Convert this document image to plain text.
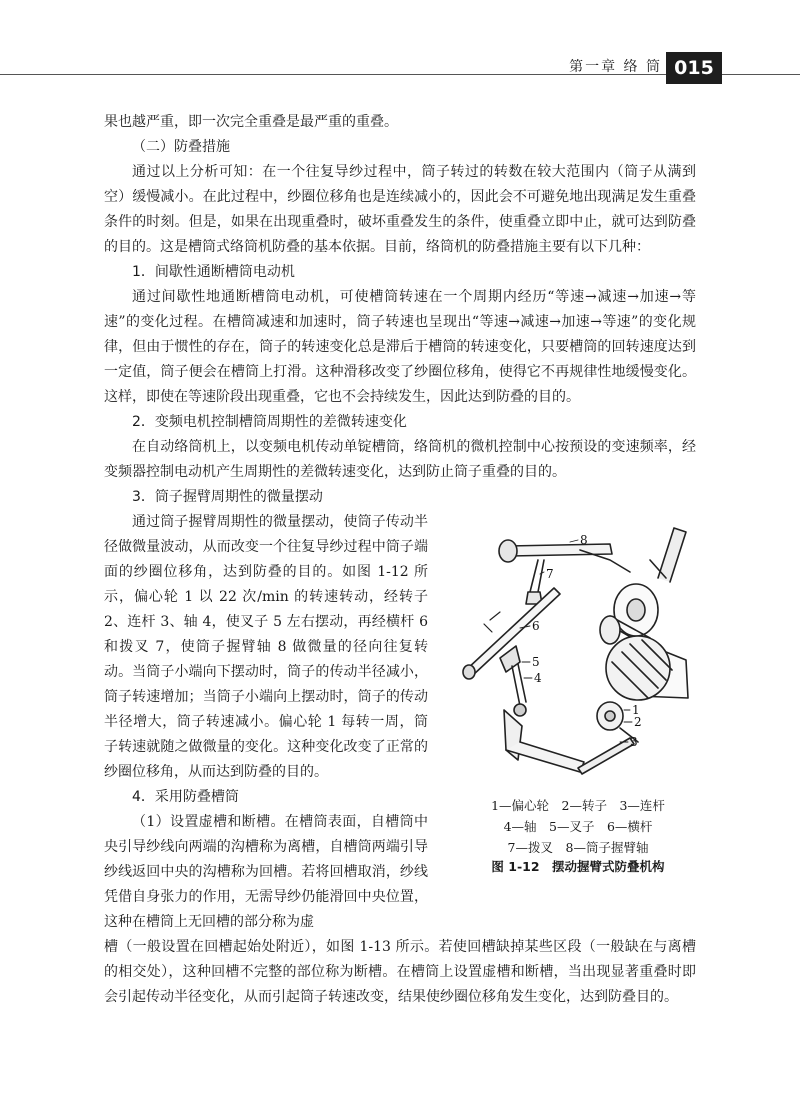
第一章 络 筒 015

果也越严重，即一次完全重叠是最严重的重叠。

（二）防叠措施

通过以上分析可知：在一个往复导纱过程中，筒子转过的转数在较大范围内（筒子从满到空）缓慢减小。在此过程中，纱圈位移角也是连续减小的，因此会不可避免地出现满足发生重叠条件的时刻。但是，如果在出现重叠时，破坏重叠发生的条件，使重叠立即中止，就可达到防叠的目的。这是槽筒式络筒机防叠的基本依据。目前，络筒机的防叠措施主要有以下几种：

1．间歇性通断槽筒电动机

通过间歇性地通断槽筒电动机，可使槽筒转速在一个周期内经历“等速→减速→加速→等速”的变化过程。在槽筒减速和加速时，筒子转速也呈现出“等速→减速→加速→等速”的变化规律，但由于惯性的存在，筒子的转速变化总是滞后于槽筒的转速变化，只要槽筒的回转速度达到一定值，筒子便会在槽筒上打滑。这种滑移改变了纱圈位移角，使得它不再规律性地缓慢变化。这样，即使在等速阶段出现重叠，它也不会持续发生，因此达到防叠的目的。

2．变频电机控制槽筒周期性的差微转速变化

在自动络筒机上，以变频电机传动单锭槽筒，络筒机的微机控制中心按预设的变速频率，经变频器控制电动机产生周期性的差微转速变化，达到防止筒子重叠的目的。

3．筒子握臂周期性的微量摆动

通过筒子握臂周期性的微量摆动，使筒子传动半径做微量波动，从而改变一个往复导纱过程中筒子端面的纱圈位移角，达到防叠的目的。如图 1-12 所示，偏心轮 1 以 22 次/min 的转速转动，经转子 2、连杆 3、轴 4，使叉子 5 左右摆动，再经横杆 6 和拨叉 7，使筒子握臂轴 8 做微量的径向往复转动。当筒子小端向下摆动时，筒子的传动半径减小，筒子转速增加；当筒子小端向上摆动时，筒子的传动半径增大，筒子转速减小。偏心轮 1 每转一周，筒子转速就随之做微量的变化。这种变化改变了正常的纱圈位移角，从而达到防叠的目的。

4．采用防叠槽筒

（1）设置虚槽和断槽。在槽筒表面，自槽筒中央引导纱线向两端的沟槽称为离槽，自槽筒两端引导纱线返回中央的沟槽称为回槽。若将回槽取消，纱线凭借自身张力的作用，无需导纱仍能滑回中央位置，这种在槽筒上无回槽的部分称为虚

槽（一般设置在回槽起始处附近），如图 1-13 所示。若使回槽缺掉某些区段（一般缺在与离槽的相交处），这种回槽不完整的部位称为断槽。在槽筒上设置虚槽和断槽，当出现显著重叠时即会引起传动半径变化，从而引起筒子转速改变，结果使纱圈位移角发生变化，达到防叠目的。

8
7
6
5
4
1
2
3
1—偏心轮　2—转子　3—连杆
4—轴　5—叉子　6—横杆
7—拨叉　8—筒子握臂轴
图 1-12　摆动握臂式防叠机构
